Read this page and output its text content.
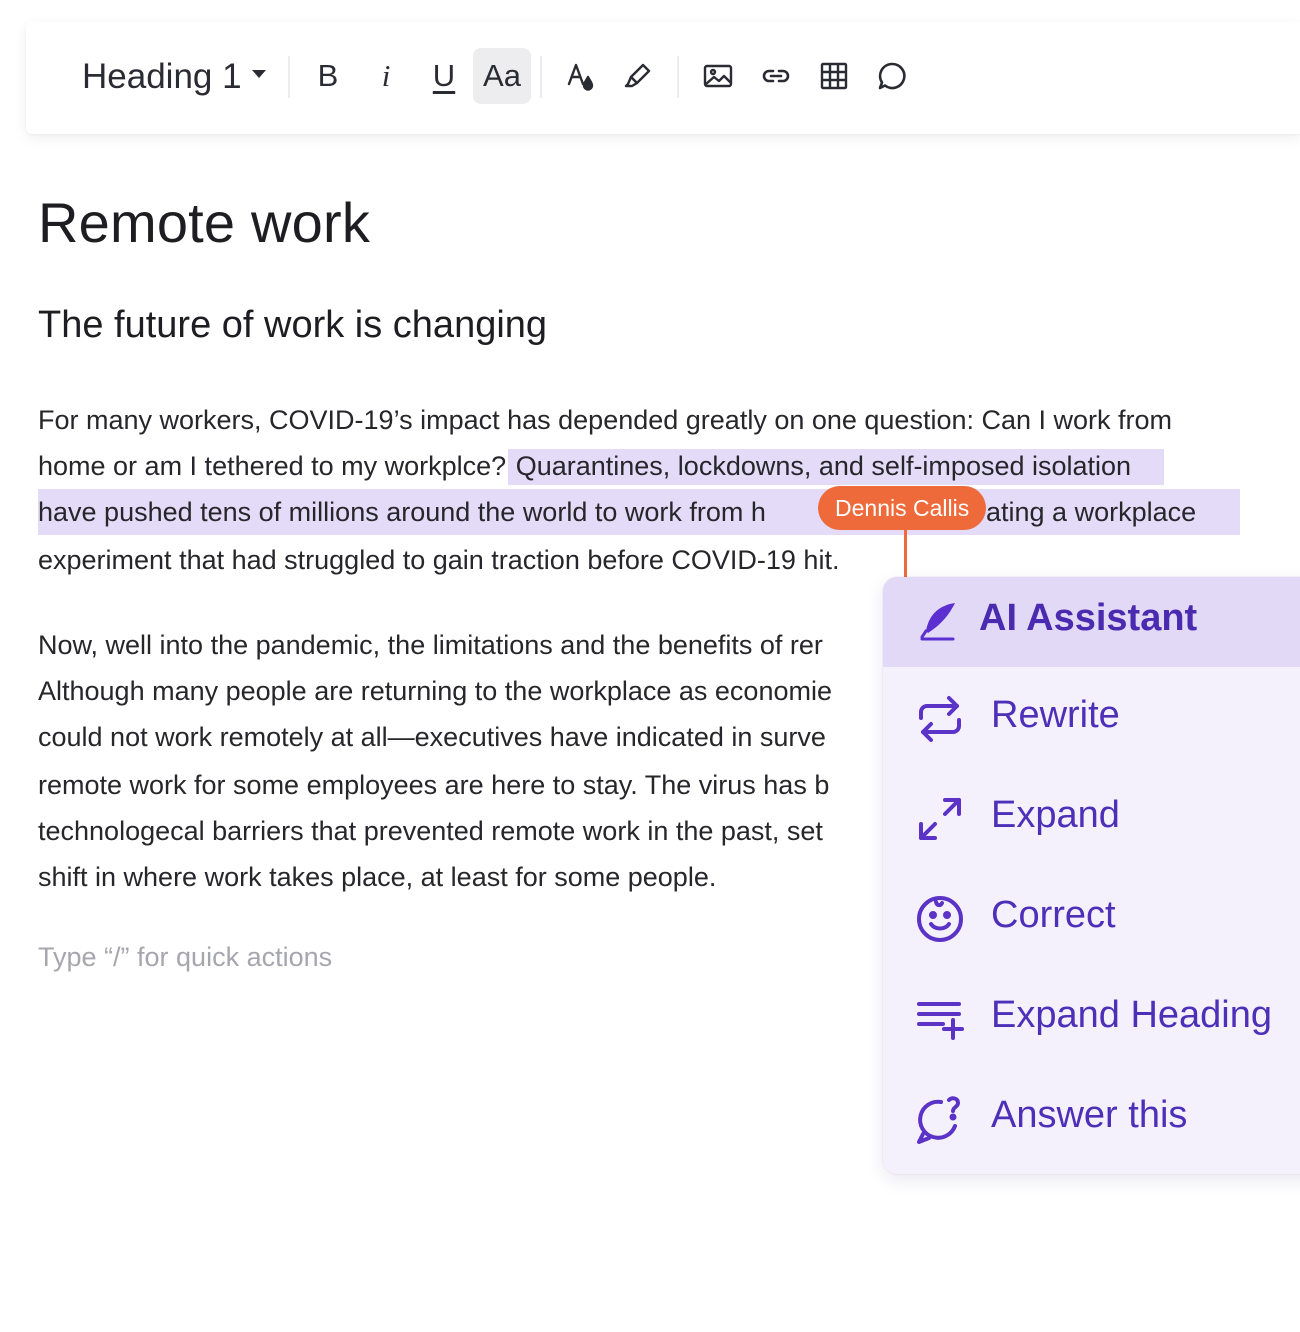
Heading 1 B i U Aa
Remote work
The future of work is changing
For many workers, COVID-19’s impact has depended greatly on one question: Can I work from
home or am I tethered to my workplce? Quarantines, lockdowns, and self-imposed isolation
have pushed tens of millions around the world to work from h	ating a workplace
experiment that had struggled to gain traction before COVID-19 hit.
Dennis Callis
Now, well into the pandemic, the limitations and the benefits of rer
Although many people are returning to the workplace as economie
could not work remotely at all—executives have indicated in surve
remote work for some employees are here to stay. The virus has b
technologecal barriers that prevented remote work in the past, set
shift in where work takes place, at least for some people.
Type “/” for quick actions
AI Assistant
Rewrite
Expand
Correct
Expand Heading
Answer this
